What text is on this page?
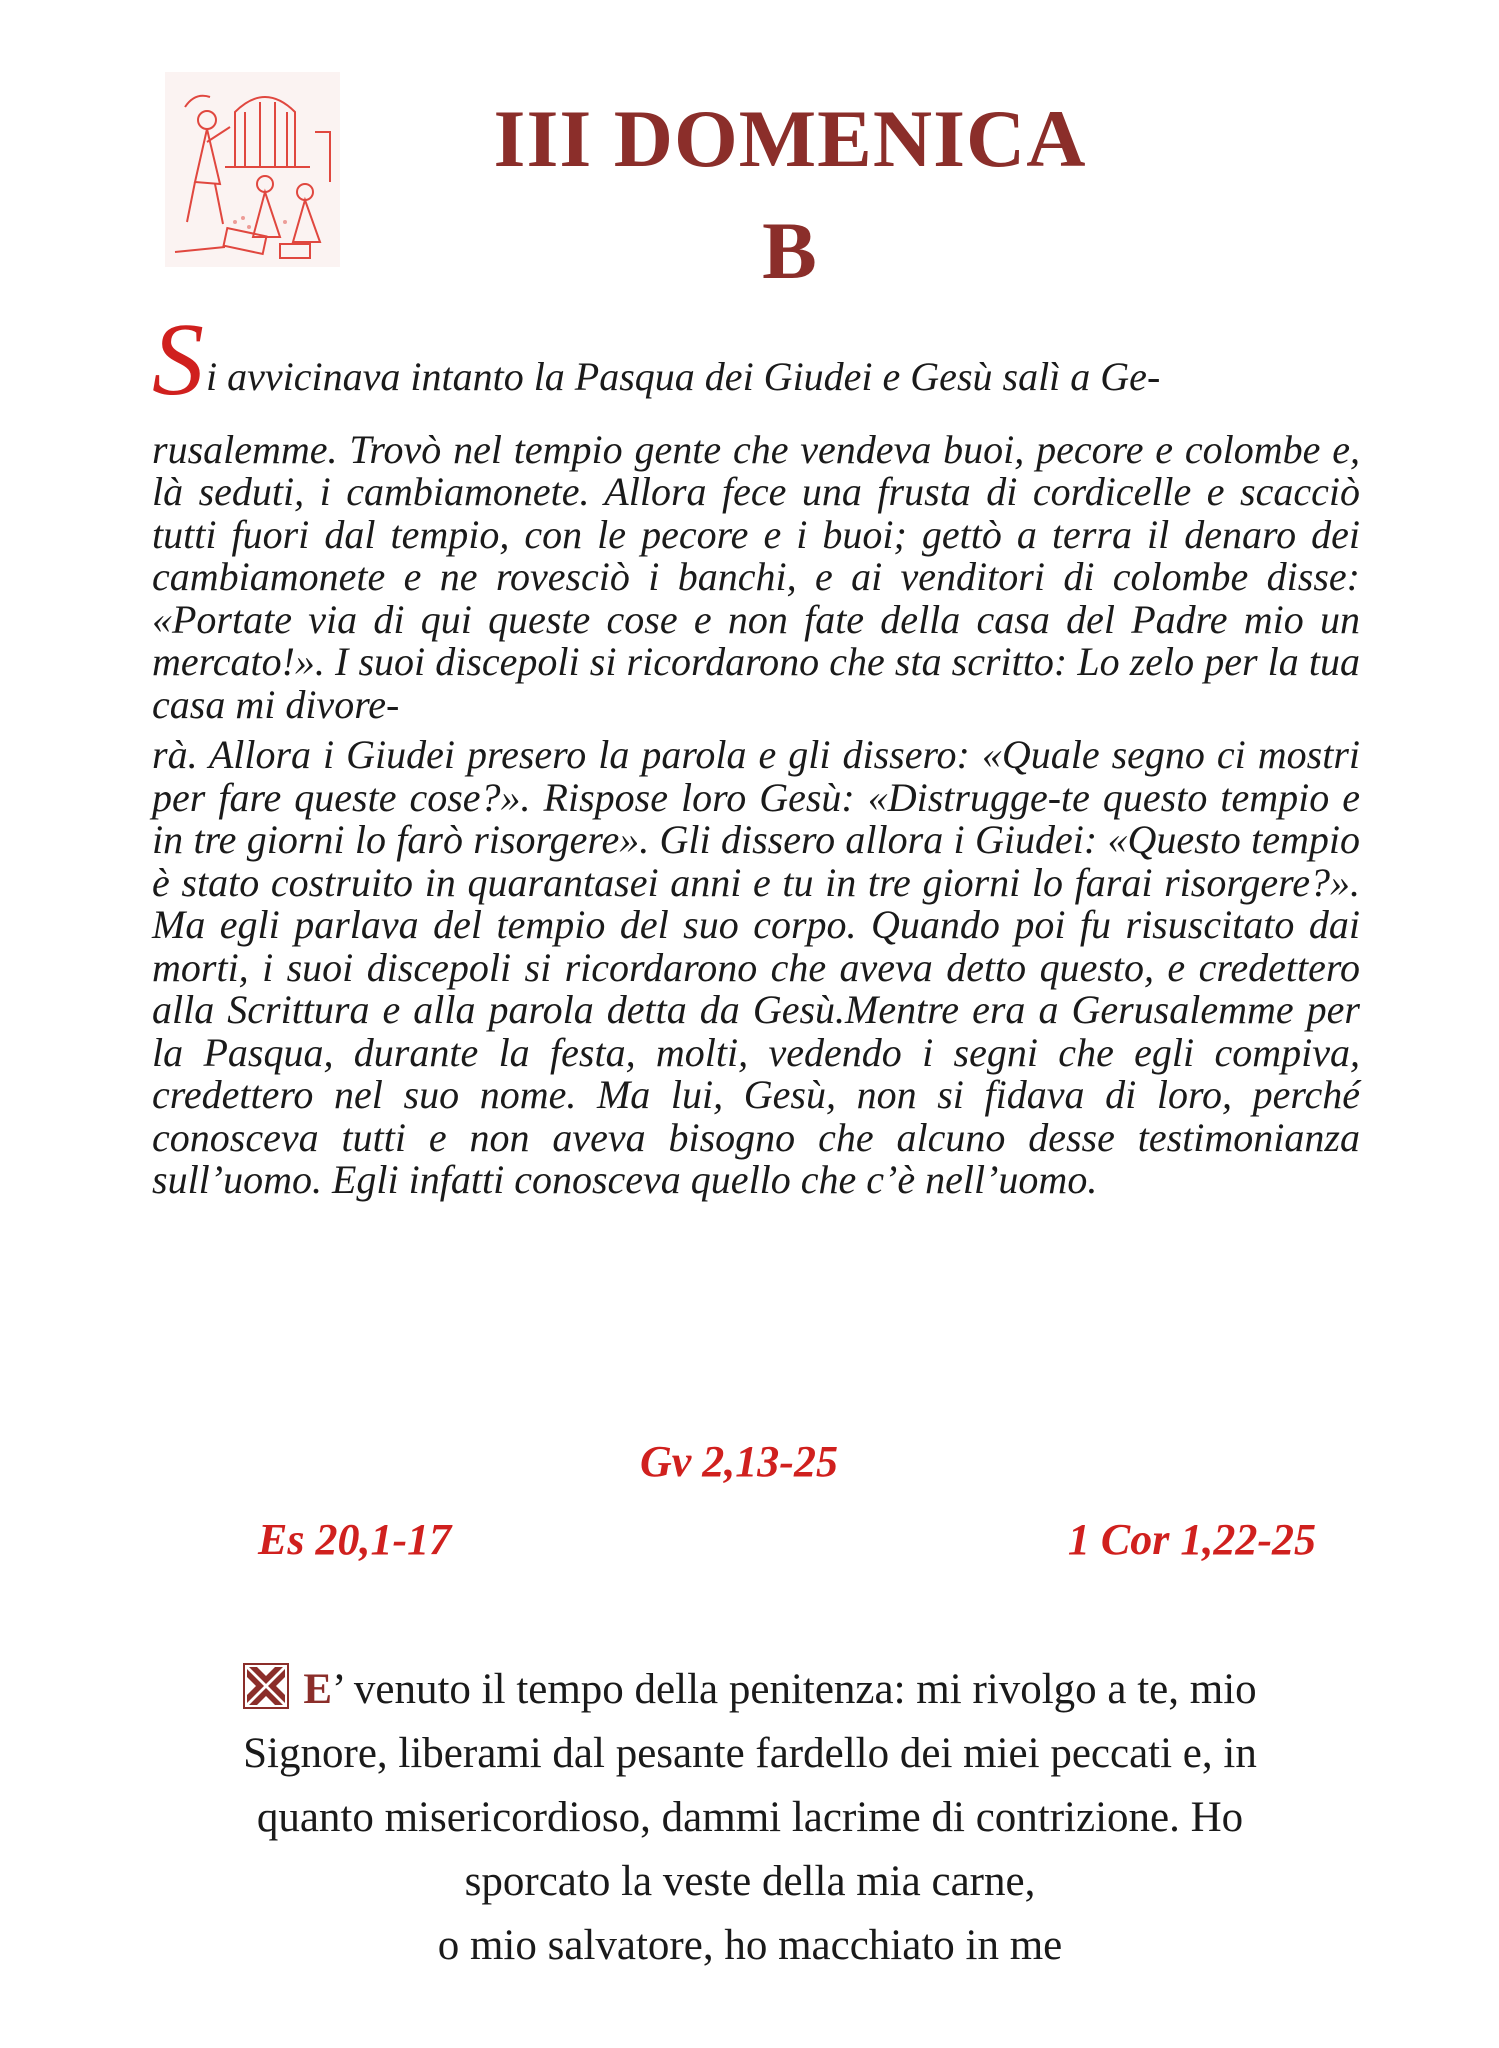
III DOMENICA
B

Si avvicinava intanto la Pasqua dei Giudei e Gesù salì a Ge-

rusalemme. Trovò nel tempio gente che vendeva buoi, pecore e colombe e, là seduti, i cambiamonete. Allora fece una frusta di cordicelle e scacciò tutti fuori dal tempio, con le pecore e i buoi; gettò a terra il denaro dei cambiamonete e ne rovesciò i banchi, e ai venditori di colombe disse: «Portate via di qui queste cose e non fate della casa del Padre mio un mercato!». I suoi discepoli si ricordarono che sta scritto: Lo zelo per la tua casa mi divore-

rà. Allora i Giudei presero la parola e gli dissero: «Quale segno ci mostri per fare queste cose?». Rispose loro Gesù: «Distrugge-te questo tempio e in tre giorni lo farò risorgere». Gli dissero allora i Giudei: «Questo tempio è stato costruito in quarantasei anni e tu in tre giorni lo farai risorgere?». Ma egli parlava del tempio del suo corpo. Quando poi fu risuscitato dai morti, i suoi discepoli si ricordarono che aveva detto questo, e credettero alla Scrittura e alla parola detta da Gesù.Mentre era a Gerusalemme per la Pasqua, durante la festa, molti, vedendo i segni che egli compiva, credettero nel suo nome. Ma lui, Gesù, non si fidava di loro, perché conosceva tutti e non aveva bisogno che alcuno desse testimonianza sull’uomo. Egli infatti conosceva quello che c’è nell’uomo.

Gv 2,13-25
Es 20,1-17	1 Cor 1,22-25

E’ venuto il tempo della penitenza: mi rivolgo a te, mio

Signore, liberami dal pesante fardello dei miei peccati e, in

quanto misericordioso, dammi lacrime di contrizione. Ho

sporcato la veste della mia carne,

o mio salvatore, ho macchiato in me
